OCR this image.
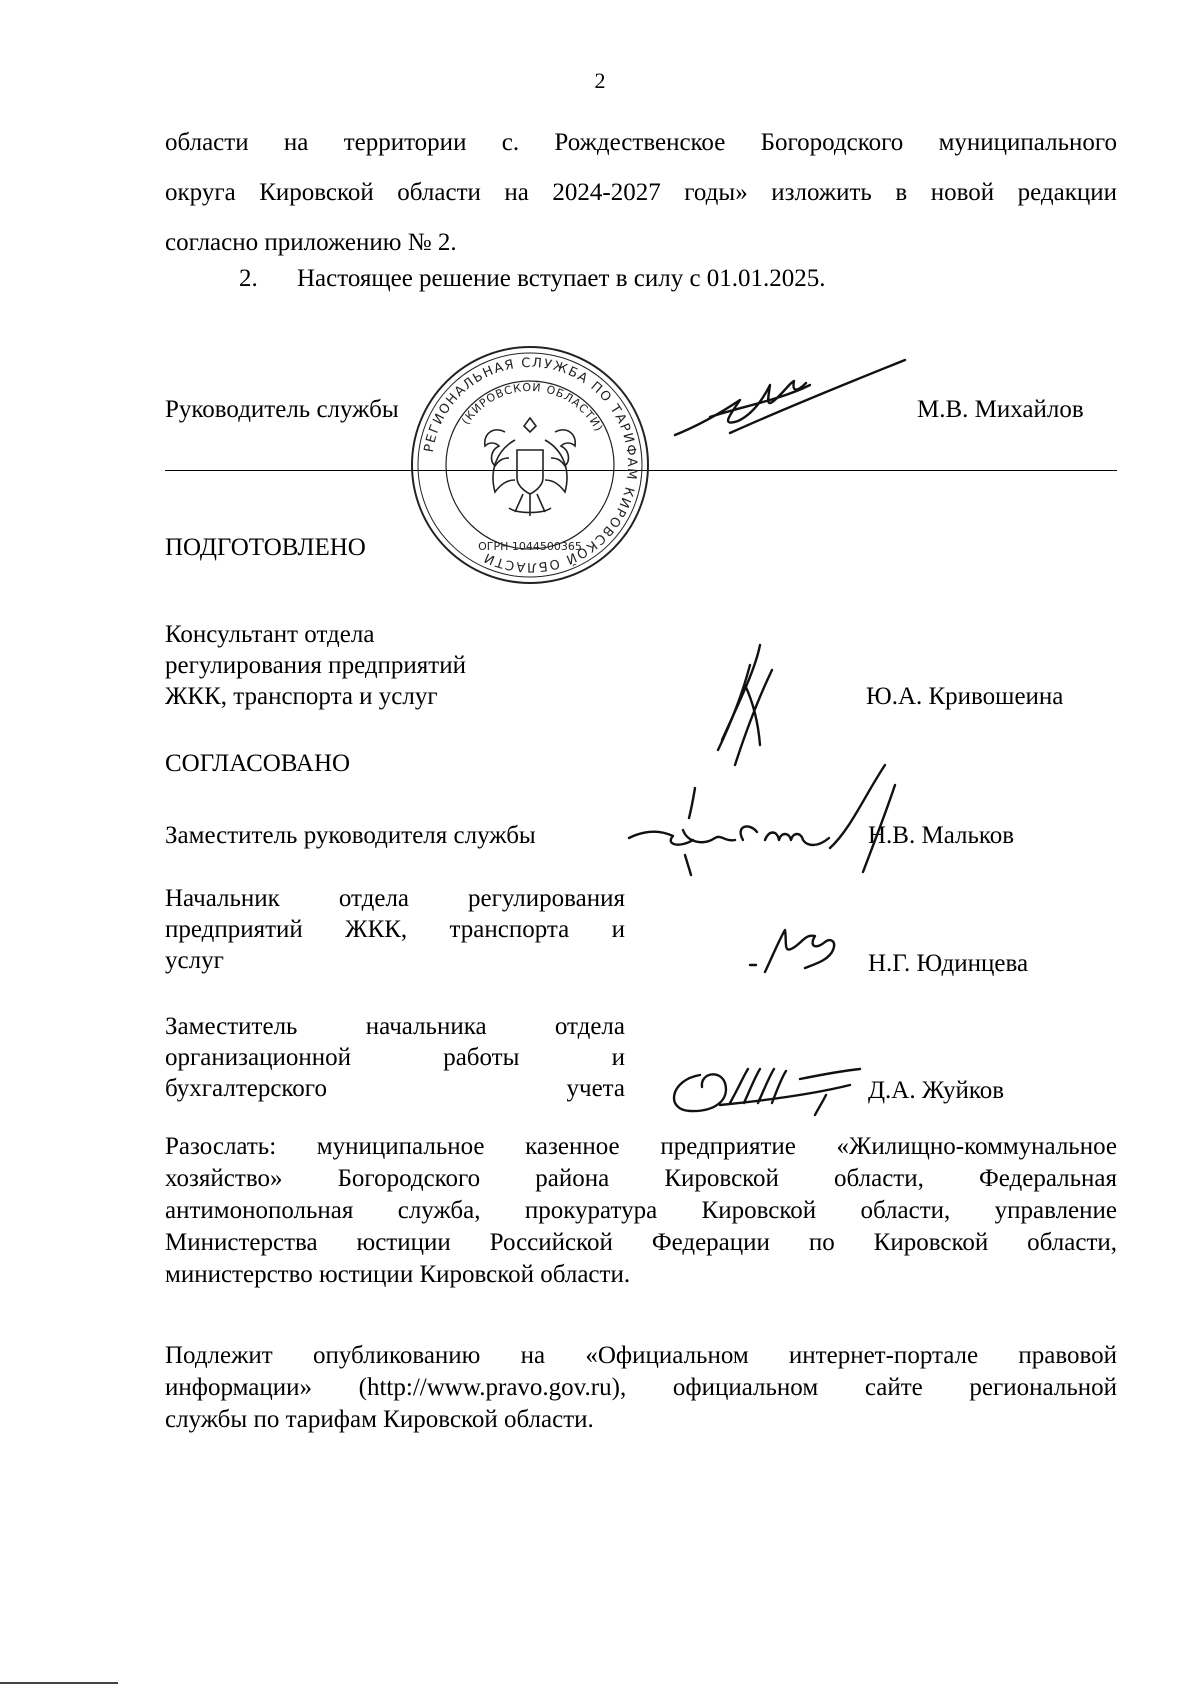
2
области на территории с. Рождественское Богородского муниципального
округа Кировской области на 2024-2027 годы» изложить в новой редакции
согласно приложению № 2.
2. Настоящее решение вступает в силу с 01.01.2025.
Руководитель службы	М.В. Михайлов
РЕГИОНАЛЬНАЯ СЛУЖБА ПО ТАРИФАМ КИРОВСКОЙ ОБЛАСТИ
(КИРОВСКОЙ ОБЛАСТИ)
ОГРН 1044500365
ПОДГОТОВЛЕНО
Консультант отдела
регулирования предприятий
ЖКК, транспорта и услуг	Ю.А. Кривошеина
СОГЛАСОВАНО
Заместитель руководителя службы	Н.В. Мальков
Начальник отдела регулирования
предприятий ЖКК, транспорта и
услуг	Н.Г. Юдинцева
Заместитель начальника отдела
организационной работы и
бухгалтерского учета	Д.А. Жуйков
Разослать: муниципальное казенное предприятие «Жилищно-коммунальное
хозяйство» Богородского района Кировской области, Федеральная
антимонопольная служба, прокуратура Кировской области, управление
Министерства юстиции Российской Федерации по Кировской области,
министерство юстиции Кировской области.
Подлежит опубликованию на «Официальном интернет-портале правовой
информации» (http://www.pravo.gov.ru), официальном сайте региональной
службы по тарифам Кировской области.
